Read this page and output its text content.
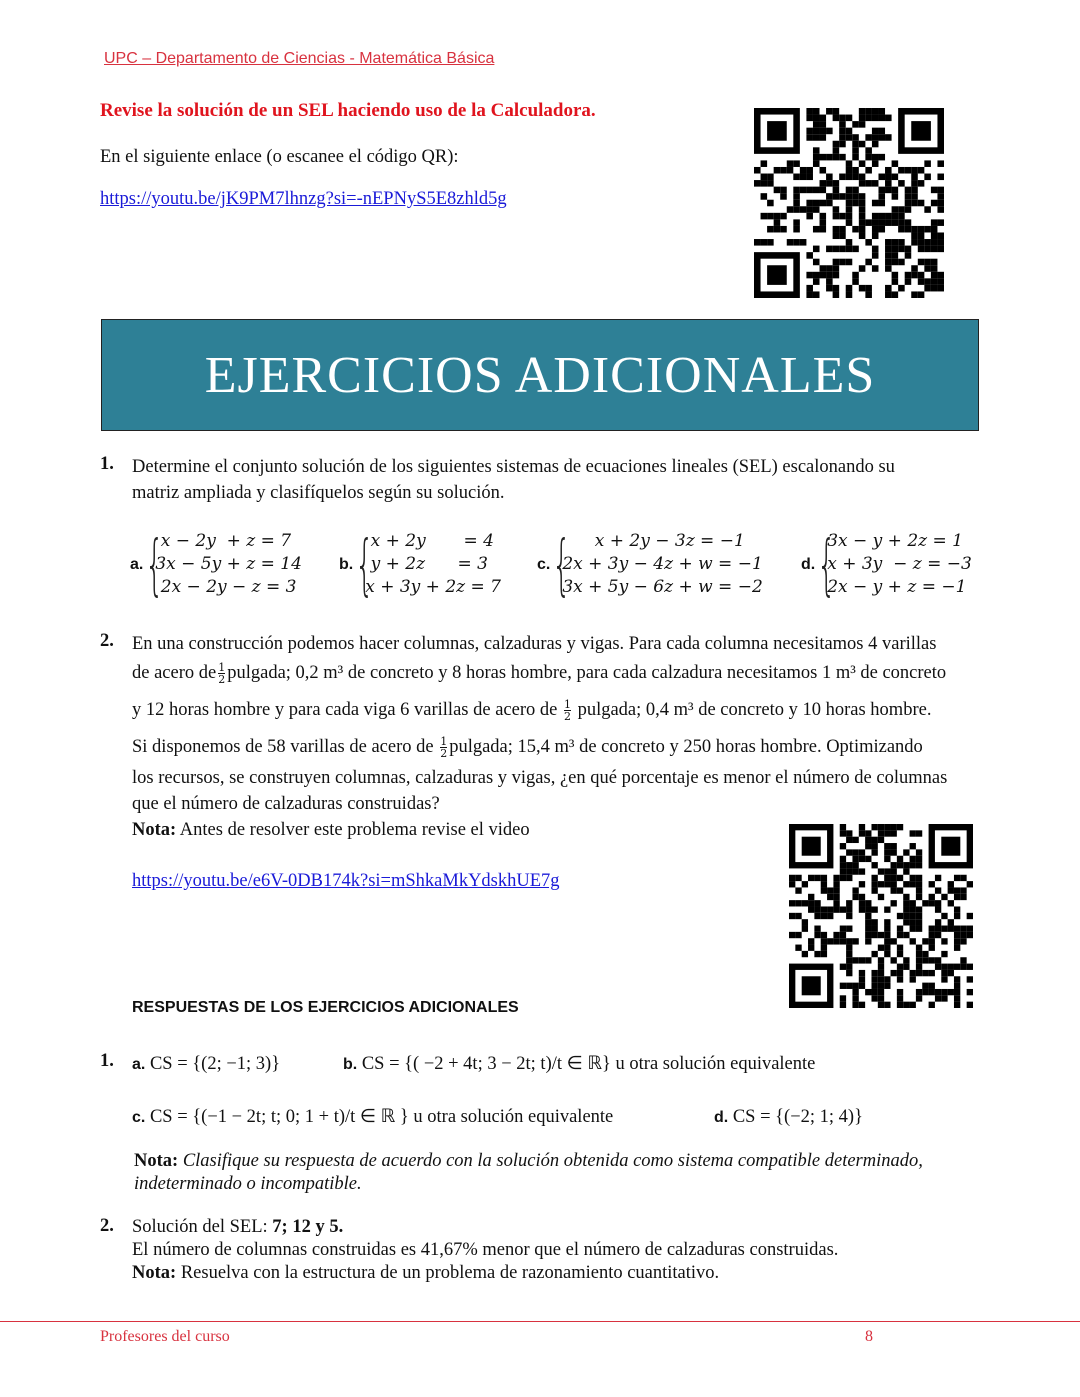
UPC – Departamento de Ciencias - Matemática Básica
Revise la solución de un SEL haciendo uso de la Calculadora.
En el siguiente enlace (o escanee el código QR):
https://youtu.be/jK9PM7lhnzg?si=-nEPNyS5E8zhld5g
EJERCICIOS ADICIONALES
1. Determine el conjunto solución de los siguientes sistemas de ecuaciones lineales (SEL) escalonando su
matriz ampliada y clasifíquelos según su solución.
a. {
x − 2y  + z = 7
3x − 5y + z = 14
2x − 2y − z = 3
b. {
x + 2y       = 4
y + 2z      = 3
x + 3y + 2z = 7
c. {
x + 2y − 3z = −1
2x + 3y − 4z + w = −1
3x + 5y − 6z + w = −2
d. {
3x − y + 2z = 1
x + 3y  − z = −3
2x − y + z = −1
2. En una construcción podemos hacer columnas, calzaduras y vigas. Para cada columna necesitamos 4 varillas
de acero de $\frac{1}{2}$ pulgada; 0,2 m³ de concreto y 8 horas hombre, para cada calzadura necesitamos 1 m³ de concreto
y 12 horas hombre y para cada viga 6 varillas de acero de $\frac{1}{2}$ pulgada; 0,4 m³ de concreto y 10 horas hombre.
Si disponemos de 58 varillas de acero de $\frac{1}{2}$ pulgada; 15,4 m³ de concreto y 250 horas hombre. Optimizando
los recursos, se construyen columnas, calzaduras y vigas, ¿en qué porcentaje es menor el número de columnas
que el número de calzaduras construidas?
Nota: Antes de resolver este problema revise el video
https://youtu.be/e6V-0DB174k?si=mShkaMkYdskhUE7g
RESPUESTAS DE LOS EJERCICIOS ADICIONALES
1. a. CS = {(2; −1; 3)}	b. CS = {( −2 + 4t; 3 − 2t; t)/t ∈ ℝ} u otra solución equivalente
c. CS = {(−1 − 2t; t; 0; 1 + t)/t ∈ ℝ } u otra solución equivalente	d. CS = {(−2; 1; 4)}
Nota: Clasifique su respuesta de acuerdo con la solución obtenida como sistema compatible determinado,
indeterminado o incompatible.
2. Solución del SEL: 7; 12 y 5.
El número de columnas construidas es 41,67% menor que el número de calzaduras construidas.
Nota: Resuelva con la estructura de un problema de razonamiento cuantitativo.
Profesores del curso	8
